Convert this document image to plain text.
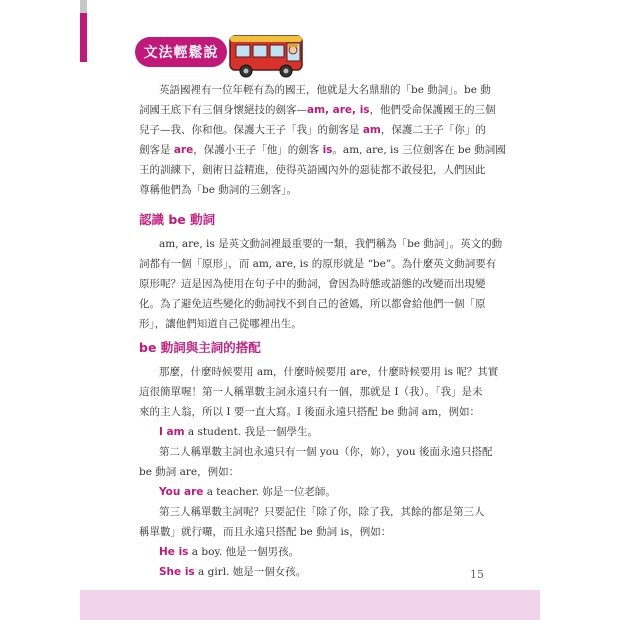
文法輕鬆說

英語國裡有一位年輕有為的國王，他就是大名鼎鼎的「be 動詞」。be 動

詞國王底下有三個身懷絕技的劍客—am, are, is，他們受命保護國王的三個

兒子—我、你和他。保護大王子「我」的劍客是 am，保護二王子「你」的

劍客是 are，保護小王子「他」的劍客 is。am, are, is 三位劍客在 be 動詞國

王的訓練下，劍術日益精進，使得英語國內外的惡徒都不敢侵犯，人們因此

尊稱他們為「be 動詞的三劍客」。

認識 be 動詞

am, are, is 是英文動詞裡最重要的一類，我們稱為「be 動詞」。英文的動

詞都有一個「原形」，而 am, are, is 的原形就是 “be”。為什麼英文動詞要有

原形呢？這是因為使用在句子中的動詞，會因為時態或語態的改變而出現變

化。為了避免這些變化的動詞找不到自己的爸媽，所以都會給他們一個「原

形」，讓他們知道自己從哪裡出生。

be 動詞與主詞的搭配

那麼，什麼時候要用 am，什麼時候要用 are，什麼時候要用 is 呢？其實

這很簡單喔！第一人稱單數主詞永遠只有一個，那就是 I（我）。「我」是未

來的主人翁，所以 I 要一直大寫。I 後面永遠只搭配 be 動詞 am，例如：

I am a student. 我是一個學生。

第二人稱單數主詞也永遠只有一個 you（你，妳），you 後面永遠只搭配

be 動詞 are，例如：

You are a teacher. 妳是一位老師。

第三人稱單數主詞呢？只要記住「除了你，除了我，其餘的都是第三人

稱單數」就行囉，而且永遠只搭配 be 動詞 is，例如：

He is a boy. 他是一個男孩。

She is a girl. 她是一個女孩。	15
